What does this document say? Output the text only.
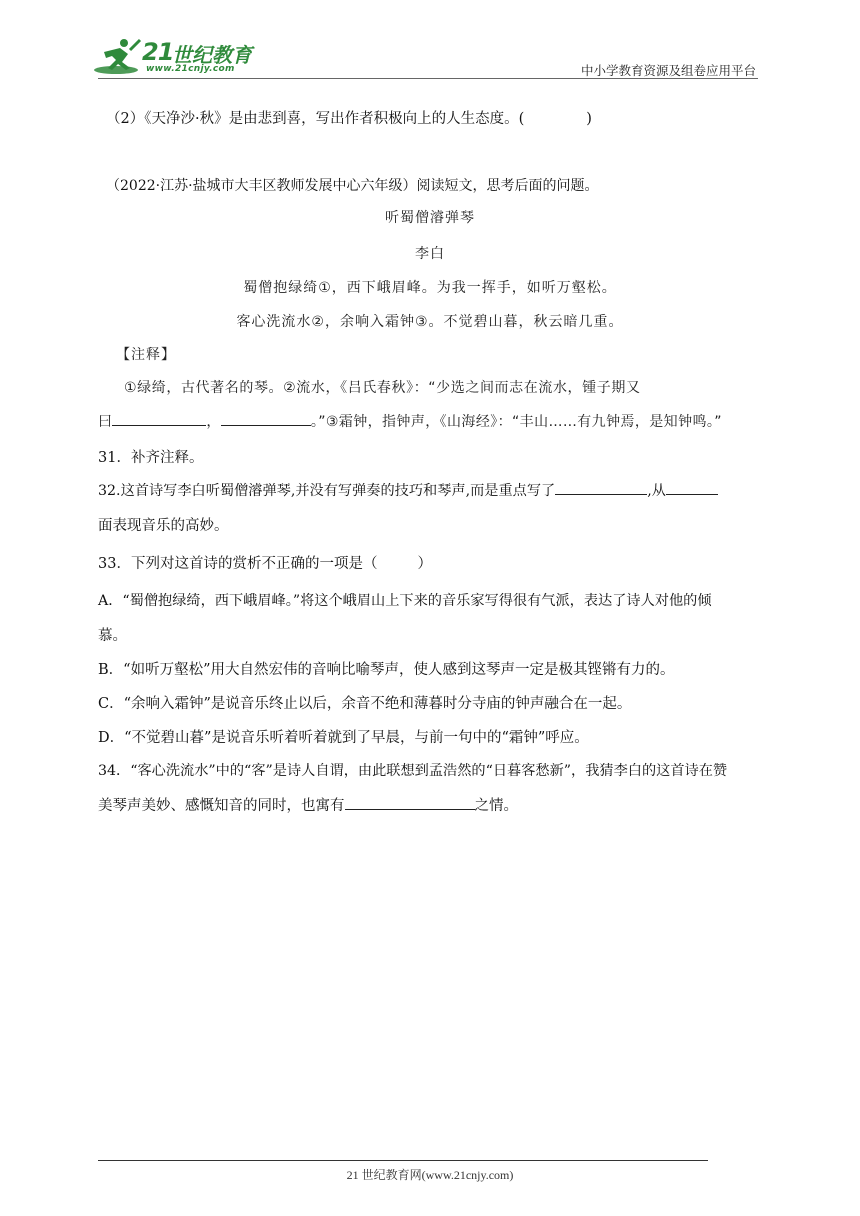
21
世纪教育
www.21cnjy.com	中小学教育资源及组卷应用平台
（2）《天净沙·秋》是由悲到喜，写出作者积极向上的人生态度。(	)
（2022·江苏·盐城市大丰区教师发展中心六年级）阅读短文，思考后面的问题。
听蜀僧濬弹琴
李白
蜀僧抱绿绮①，西下峨眉峰。为我一挥手，如听万壑松。
客心洗流水②，余响入霜钟③。不觉碧山暮，秋云暗几重。
【注释】
①绿绮，古代著名的琴。②流水，《吕氏春秋》：“少选之间而志在流水，锺子期又
曰	，	。”③霜钟，指钟声，《山海经》：“丰山……有九钟焉，是知钟鸣。”
31．补齐注释。
32.这首诗写李白听蜀僧濬弹琴,并没有写弹奏的技巧和琴声,而是重点写了	,从
面表现音乐的高妙。
33．下列对这首诗的赏析不正确的一项是（	）
A．“蜀僧抱绿绮，西下峨眉峰。”将这个峨眉山上下来的音乐家写得很有气派，表达了诗人对他的倾
慕。
B．“如听万壑松”用大自然宏伟的音响比喻琴声，使人感到这琴声一定是极其铿锵有力的。
C．“余响入霜钟”是说音乐终止以后，余音不绝和薄暮时分寺庙的钟声融合在一起。
D．“不觉碧山暮”是说音乐听着听着就到了早晨，与前一句中的“霜钟”呼应。
34．“客心洗流水”中的“客”是诗人自谓，由此联想到孟浩然的“日暮客愁新”，我猜李白的这首诗在赞
美琴声美妙、感慨知音的同时，也寓有	之情。
21 世纪教育网(www.21cnjy.com)
